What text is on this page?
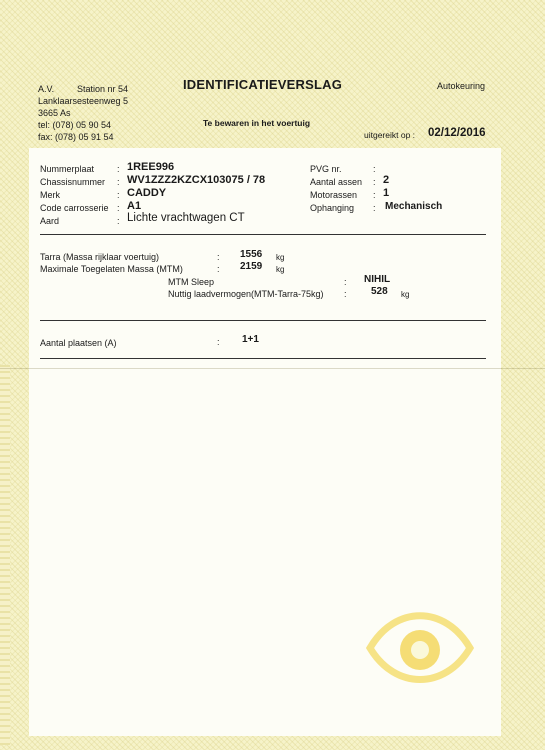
A.V.	Station nr 54
Lanklaarsesteenweg 5
3665 As
tel: (078) 05 90 54
fax: (078) 05 91 54
IDENTIFICATIEVERSLAG	Autokeuring
Te bewaren in het voertuig
uitgereikt op : 02/12/2016
Nummerplaat	: 1REE996
Chassisnummer : WV1ZZZ2KZCX103075 / 78
Merk	: CADDY
Code carrosserie : A1
Aard	: Lichte vrachtwagen CT
PVG nr.	:
Aantal assen : 2
Motorassen : 1
Ophanging : Mechanisch
Tarra (Massa rijklaar voertuig)	: 1556 kg
Maximale Toegelaten Massa (MTM)	: 2159 kg
MTM Sleep	: NIHIL
Nuttig laadvermogen(MTM-Tarra-75kg) : 528 kg
Aantal plaatsen (A)	: 1+1
